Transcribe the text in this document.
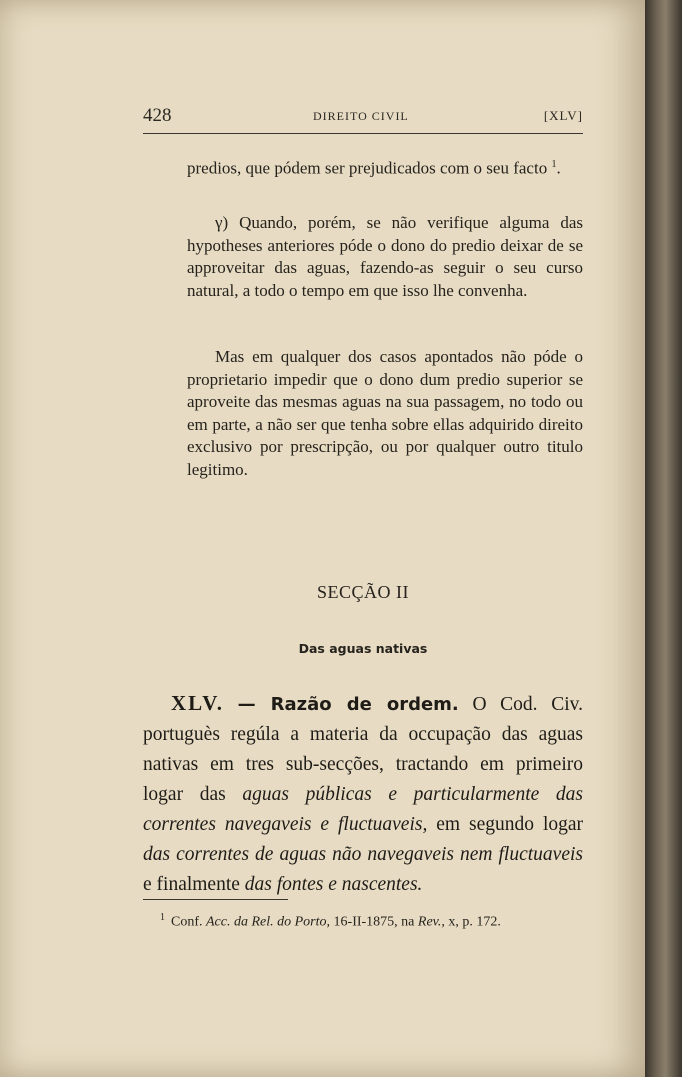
428	DIREITO CIVIL	[XLV]

predios, que pódem ser prejudicados com o seu facto $^1$.

γ) Quando, porém, se não verifique alguma das hypotheses anteriores póde o dono do predio deixar de se approveitar das aguas, fazendo-as seguir o seu curso natural, a todo o tempo em que isso lhe convenha.

Mas em qualquer dos casos apontados não póde o proprietario impedir que o dono dum predio superior se aproveite das mesmas aguas na sua passagem, no todo ou em parte, a não ser que tenha sobre ellas adquirido direito exclusivo por prescripção, ou por qualquer outro titulo legitimo.

SECÇÃO II
Das aguas nativas

XLV. — Razão de ordem. O Cod. Civ. portuguès regúla a materia da occupação das aguas nativas em tres sub-secções, tractando em primeiro logar das aguas públicas e particularmente das correntes navegaveis e fluctuaveis, em segundo logar das correntes de aguas não navegaveis nem fluctuaveis e finalmente das fontes e nascentes.

$^1$ Conf. Acc. da Rel. do Porto, 16-II-1875, na Rev., x, p. 172.
